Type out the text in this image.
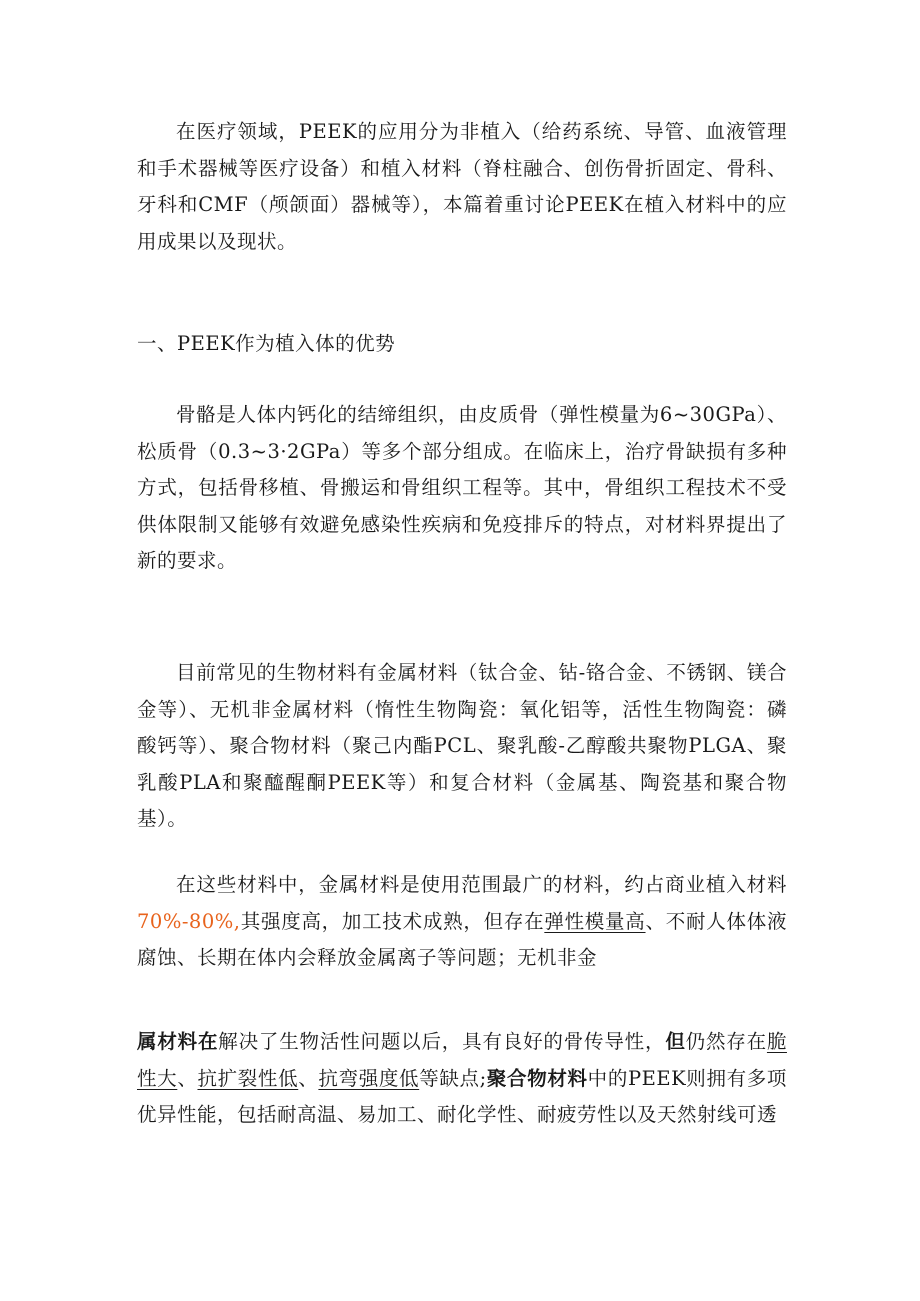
在医疗领域，PEEK的应用分为非植入（给药系统、导管、血液管理和手术器械等医疗设备）和植入材料（脊柱融合、创伤骨折固定、骨科、牙科和CMF（颅颌面）器械等），本篇着重讨论PEEK在植入材料中的应用成果以及现状。

一、PEEK作为植入体的优势

骨骼是人体内钙化的结缔组织，由皮质骨（弹性模量为6~30GPa）、松质骨（0.3~3·2GPa）等多个部分组成。在临床上，治疗骨缺损有多种方式，包括骨移植、骨搬运和骨组织工程等。其中，骨组织工程技术不受供体限制又能够有效避免感染性疾病和免疫排斥的特点，对材料界提出了新的要求。

目前常见的生物材料有金属材料（钛合金、钻-铬合金、不锈钢、镁合金等）、无机非金属材料（惰性生物陶瓷：氧化铝等，活性生物陶瓷：磷酸钙等）、聚合物材料（聚己内酯PCL、聚乳酸-乙醇酸共聚物PLGA、聚乳酸PLA和聚醯醒酮PEEK等）和复合材料（金属基、陶瓷基和聚合物基）。

在这些材料中，金属材料是使用范围最广的材料，约占商业植入材料70%-80%,其强度高，加工技术成熟，但存在弹性模量高、不耐人体体液腐蚀、长期在体内会释放金属离子等问题；无机非金

属材料在解决了生物活性问题以后，具有良好的骨传导性，但仍然存在脆性大、抗扩裂性低、抗弯强度低等缺点;聚合物材料中的PEEK则拥有多项优异性能，包括耐高温、易加工、耐化学性、耐疲劳性以及天然射线可透
